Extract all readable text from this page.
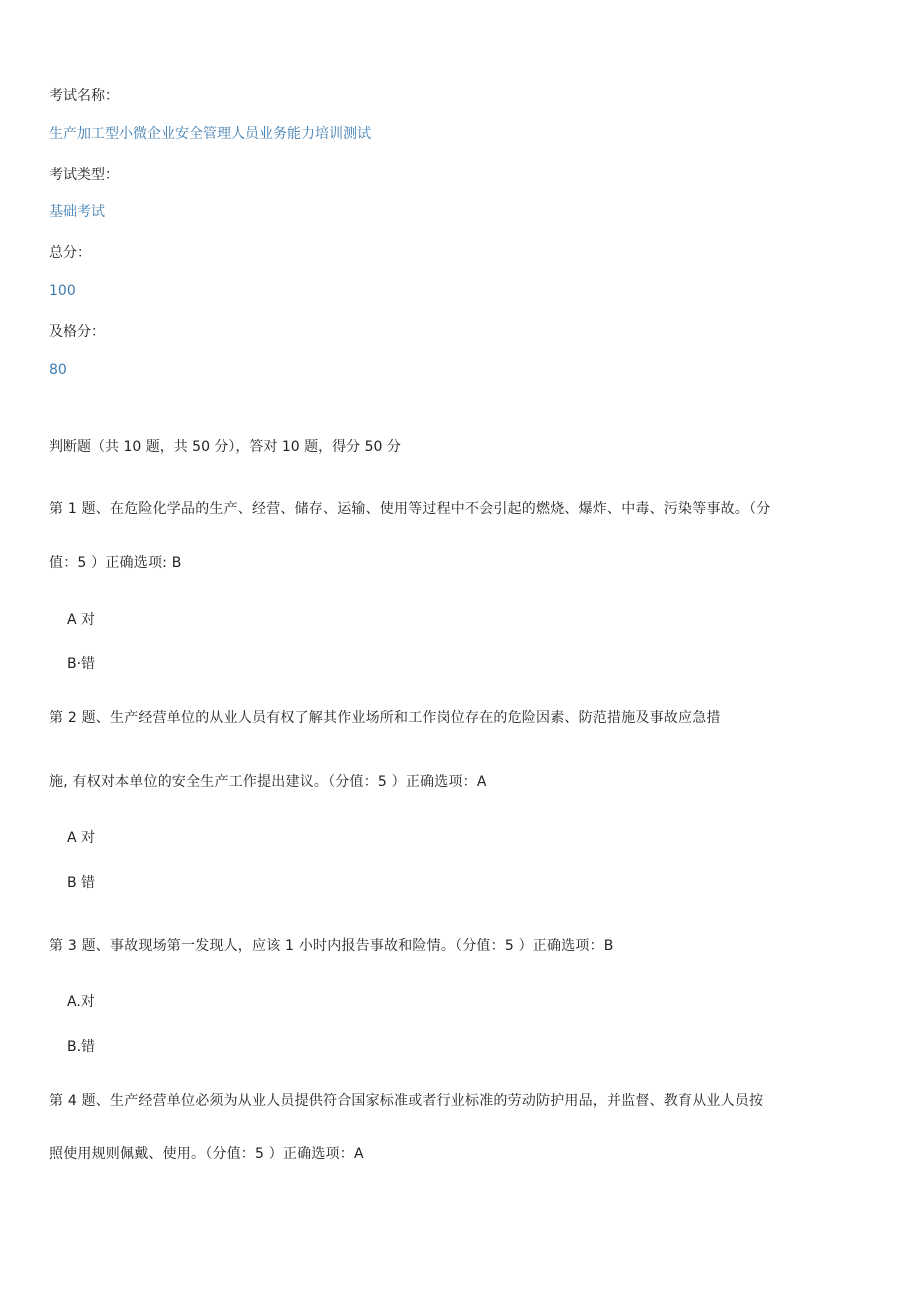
考试名称：

生产加工型小微企业安全管理人员业务能力培训测试

考试类型：

基础考试

总分：

100

及格分：

80

判断题（共 10 题，共 50 分），答对 10 题，得分 50 分

第 1 题、在危险化学品的生产、经营、储存、运输、使用等过程中不会引起的燃烧、爆炸、中毒、污染等事故。（分

值：5 ）正确选项: B

A 对

B·错

第 2 题、生产经营单位的从业人员有权了解其作业场所和工作岗位存在的危险因素、防范措施及事故应急措

施, 有权对本单位的安全生产工作提出建议。（分值：5 ）正确选项：A

A 对

B 错

第 3 题、事故现场第一发现人，应该 1 小时内报告事故和险情。（分值：5 ）正确选项：B

A.对

B.错

第 4 题、生产经营单位必须为从业人员提供符合国家标准或者行业标准的劳动防护用品，并监督、教育从业人员按

照使用规则佩戴、使用。（分值：5 ）正确选项：A
